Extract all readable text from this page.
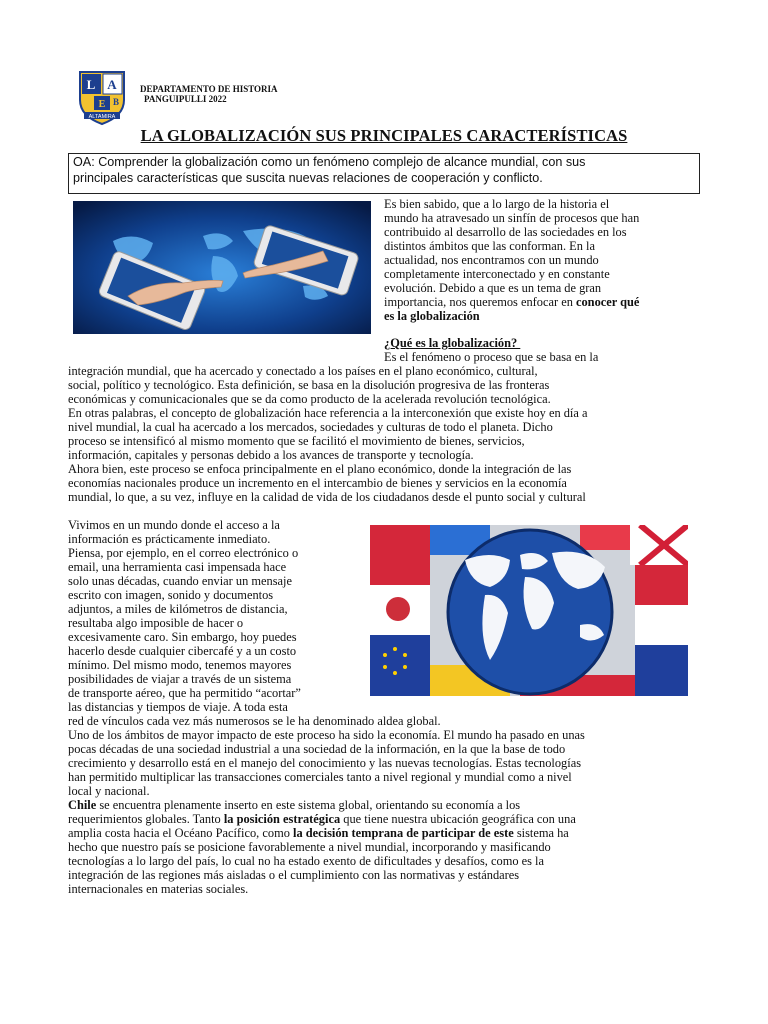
L A
E B
ALTAMIRA
DEPARTAMENTO DE HISTORIA
PANGUIPULLI 2022
LA GLOBALIZACIÓN SUS PRINCIPALES CARACTERÍSTICAS
OA: Comprender la globalización como un fenómeno complejo de alcance mundial, con sus
principales características que suscita nuevas relaciones de cooperación y conflicto.
Es bien sabido, que a lo largo de la historia el
mundo ha atravesado un sinfín de procesos que han
contribuido al desarrollo de las sociedades en los
distintos ámbitos que las conforman. En la
actualidad, nos encontramos con un mundo
completamente interconectado y en constante
evolución. Debido a que es un tema de gran
importancia, nos queremos enfocar en conocer qué
es la globalización
¿Qué es la globalización?
Es el fenómeno o proceso que se basa en la
integración mundial, que ha acercado y conectado a los países en el plano económico, cultural,
social, político y tecnológico. Esta definición, se basa en la disolución progresiva de las fronteras
económicas y comunicacionales que se da como producto de la acelerada revolución tecnológica.
En otras palabras, el concepto de globalización hace referencia a la interconexión que existe hoy en día a
nivel mundial, la cual ha acercado a los mercados, sociedades y culturas de todo el planeta. Dicho
proceso se intensificó al mismo momento que se facilitó el movimiento de bienes, servicios,
información, capitales y personas debido a los avances de transporte y tecnología.
Ahora bien, este proceso se enfoca principalmente en el plano económico, donde la integración de las
economías nacionales produce un incremento en el intercambio de bienes y servicios en la economía
mundial, lo que, a su vez, influye en la calidad de vida de los ciudadanos desde el punto social y cultural
Vivimos en un mundo donde el acceso a la
información es prácticamente inmediato.
Piensa, por ejemplo, en el correo electrónico o
email, una herramienta casi impensada hace
solo unas décadas, cuando enviar un mensaje
escrito con imagen, sonido y documentos
adjuntos, a miles de kilómetros de distancia,
resultaba algo imposible de hacer o
excesivamente caro. Sin embargo, hoy puedes
hacerlo desde cualquier cibercafé y a un costo
mínimo. Del mismo modo, tenemos mayores
posibilidades de viajar a través de un sistema
de transporte aéreo, que ha permitido “acortar”
las distancias y tiempos de viaje. A toda esta
red de vínculos cada vez más numerosos se le ha denominado aldea global.
Uno de los ámbitos de mayor impacto de este proceso ha sido la economía. El mundo ha pasado en unas
pocas décadas de una sociedad industrial a una sociedad de la información, en la que la base de todo
crecimiento y desarrollo está en el manejo del conocimiento y las nuevas tecnologías. Estas tecnologías
han permitido multiplicar las transacciones comerciales tanto a nivel regional y mundial como a nivel
local y nacional.
Chile se encuentra plenamente inserto en este sistema global, orientando su economía a los
requerimientos globales. Tanto la posición estratégica que tiene nuestra ubicación geográfica con una
amplia costa hacia el Océano Pacífico, como la decisión temprana de participar de este sistema ha
hecho que nuestro país se posicione favorablemente a nivel mundial, incorporando y masificando
tecnologías a lo largo del país, lo cual no ha estado exento de dificultades y desafíos, como es la
integración de las regiones más aisladas o el cumplimiento con las normativas y estándares
internacionales en materias sociales.
